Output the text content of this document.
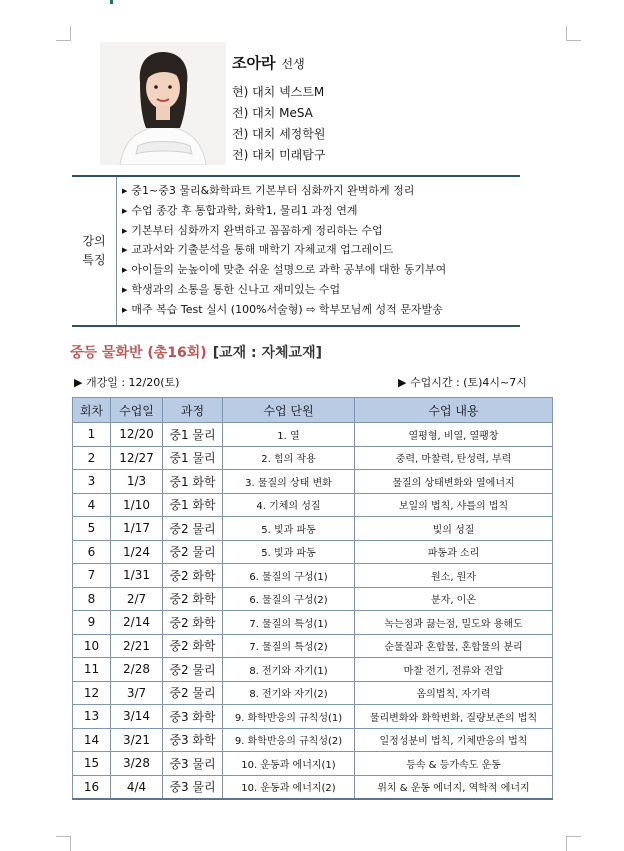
조아라 선생
현) 대치 넥스트M
전) 대치 MeSA
전) 대치 세정학원
전) 대치 미래탐구
강의
특징
▶ 중1~중3 물리&화학파트 기본부터 심화까지 완벽하게 정리
▶ 수업 종강 후 통합과학, 화학1, 물리1 과정 연계
▶ 기본부터 심화까지 완벽하고 꼼꼼하게 정리하는 수업
▶ 교과서와 기출분석을 통해 매학기 자체교재 업그레이드
▶ 아이들의 눈높이에 맞춘 쉬운 설명으로 과학 공부에 대한 동기부여
▶ 학생과의 소통을 통한 신나고 재미있는 수업
▶ 매주 복습 Test 실시 (100%서술형) ⇨ 학부모님께 성적 문자발송
중등 물화반 (총16회) [교재 : 자체교재]
▶ 개강일 : 12/20(토)	▶ 수업시간 : (토)4시~7시
회차	수업일	과정	수업 단원	수업 내용
1	12/20	중1 물리	1. 열	열평형, 비열, 열팽창
2	12/27	중1 물리	2. 힘의 작용	중력, 마찰력, 탄성력, 부력
3	1/3	중1 화학	3. 물질의 상태 변화	물질의 상태변화와 열에너지
4	1/10	중1 화학	4. 기체의 성질	보일의 법칙, 샤를의 법칙
5	1/17	중2 물리	5. 빛과 파동	빛의 성질
6	1/24	중2 물리	5. 빛과 파동	파동과 소리
7	1/31	중2 화학	6. 물질의 구성(1)	원소, 원자
8	2/7	중2 화학	6. 물질의 구성(2)	분자, 이온
9	2/14	중2 화학	7. 물질의 특성(1)	녹는점과 끓는점, 밀도와 용해도
10	2/21	중2 화학	7. 물질의 특성(2)	순물질과 혼합물, 혼합물의 분리
11	2/28	중2 물리	8. 전기와 자기(1)	마찰 전기, 전류와 전압
12	3/7	중2 물리	8. 전기와 자기(2)	옴의법칙, 자기력
13	3/14	중3 화학	9. 화학반응의 규칙성(1)	물리변화와 화학변화, 질량보존의 법칙
14	3/21	중3 화학	9. 화학반응의 규칙성(2)	일정성분비 법칙, 기체반응의 법칙
15	3/28	중3 물리	10. 운동과 에너지(1)	등속 & 등가속도 운동
16	4/4	중3 물리	10. 운동과 에너지(2)	위치 & 운동 에너지, 역학적 에너지
